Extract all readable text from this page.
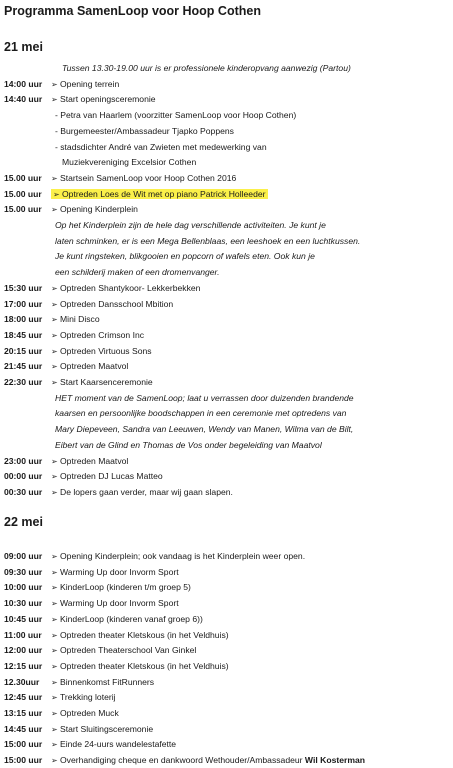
Programma SamenLoop voor Hoop Cothen
21 mei
22 mei
Tussen 13.30-19.00 uur is er professionele kinderopvang aanwezig (Partou)
14:00 uur ➢ Opening terrein
14:40 uur ➢ Start openingsceremonie
- Petra van Haarlem (voorzitter SamenLoop voor Hoop Cothen)
- Burgemeester/Ambassadeur Tjapko Poppens
- stadsdichter André van Zwieten met medewerking van
Muziekvereniging Excelsior Cothen
15.00 uur ➢ Startsein SamenLoop voor Hoop Cothen 2016
15.00 uur ➢ Optreden Loes de Wit met op piano Patrick Holleeder
15.00 uur ➢ Opening Kinderplein
Op het Kinderplein zijn de hele dag verschillende activiteiten. Je kunt je
laten schminken, er is een Mega Bellenblaas, een leeshoek en een luchtkussen.
Je kunt ringsteken, blikgooien en popcorn of wafels eten. Ook kun je
een schilderij maken of een dromenvanger.
15:30 uur ➢ Optreden Shantykoor- Lekkerbekken
17:00 uur ➢ Optreden Dansschool Mbition
18:00 uur ➢ Mini Disco
18:45 uur ➢ Optreden Crimson Inc
20:15 uur ➢ Optreden Virtuous Sons
21:45 uur ➢ Optreden Maatvol
22:30 uur ➢ Start Kaarsenceremonie
HET moment van de SamenLoop; laat u verrassen door duizenden brandende
kaarsen en persoonlijke boodschappen in een ceremonie met optredens van
Mary Diepeveen, Sandra van Leeuwen, Wendy van Manen, Wilma van de Bilt,
Eibert van de Glind en Thomas de Vos onder begeleiding van Maatvol
23:00 uur ➢ Optreden Maatvol
00:00 uur ➢ Optreden DJ Lucas Matteo
00:30 uur ➢ De lopers gaan verder, maar wij gaan slapen.
09:00 uur ➢ Opening Kinderplein; ook vandaag is het Kinderplein weer open.
09:30 uur ➢ Warming Up door Invorm Sport
10:00 uur ➢ KinderLoop (kinderen t/m groep 5)
10:30 uur ➢ Warming Up door Invorm Sport
10:45 uur ➢ KinderLoop (kinderen vanaf groep 6))
11:00 uur ➢ Optreden theater Kletskous (in het Veldhuis)
12:00 uur ➢ Optreden Theaterschool Van Ginkel
12:15 uur ➢ Optreden theater Kletskous (in het Veldhuis)
12.30uur ➢ Binnenkomst FitRunners
12:45 uur ➢ Trekking loterij
13:15 uur ➢ Optreden Muck
14:45 uur ➢ Start Sluitingsceremonie
15:00 uur ➢ Einde 24-uurs wandelestafette
15:00 uur ➢ Overhandiging cheque en dankwoord Wethouder/Ambassadeur Wil Kosterman
